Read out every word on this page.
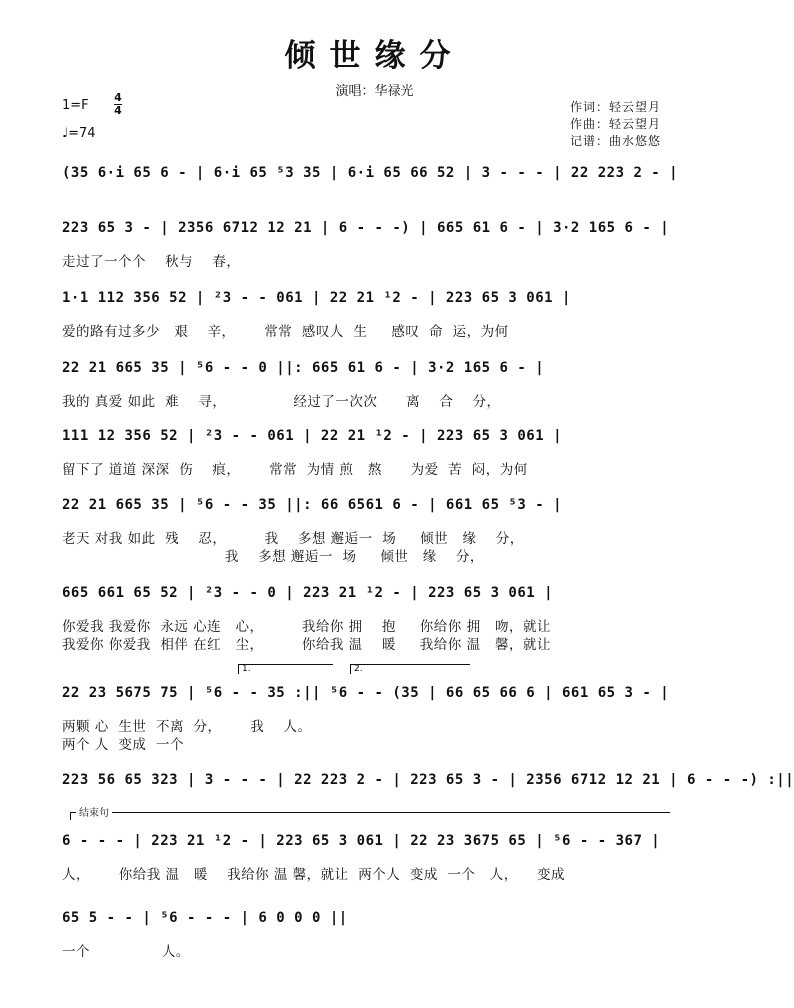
倾世缘分
演唱：华禄光
1=F
4
4
♩=74
作词：轻云望月
作曲：轻云望月
记谱：曲水悠悠
(35 6·i 65 6 - | 6·i 65 ⁵3 35 | 6·i 65 66 52 | 3 - - - | 22 223 2 - |
223 65 3 - | 2356 6712 12 21 | 6 - - -) | 665 61 6 - | 3·2 165 6 - |
走过了一个个    秋与    春，
1·1 112 356 52 | ²3 - - 061 | 22 21 ¹2 - | 223 65 3 061 |
爱的路有过多少   艰    辛，      常常  感叹人  生     感叹  命  运，为何
22 21 665 35 | ⁵6 - - 0 ||: 665 61 6 - | 3·2 165 6 - |
我的 真爱 如此  难    寻，              经过了一次次      离    合    分，
111 12 356 52 | ²3 - - 061 | 22 21 ¹2 - | 223 65 3 061 |
留下了 道道 深深  伤    痕，      常常  为情 煎   熬      为爱  苦  闷，为何
22 21 665 35 | ⁵6 - - 35 ||: 66 6561 6 - | 661 65 ⁵3 - |
老天 对我 如此  残    忍，        我    多想 邂逅一  场     倾世   缘    分，
我    多想 邂逅一  场     倾世   缘    分，
665 661 65 52 | ²3 - - 0 | 223 21 ¹2 - | 223 65 3 061 |
你爱我 我爱你  永远 心连   心，        我给你 拥    抱     你给你 拥   吻，就让
我爱你 你爱我  相伴 在红   尘，        你给我 温    暖     我给你 温   馨，就让
22 23 5675 75 | ⁵6 - - 35 :|| ⁵6 - - (35 | 66 65 66 6 | 661 65 3 - |
两颗 心  生世  不离  分，      我    人。
两个 人  变成  一个
223 56 65 323 | 3 - - - | 22 223 2 - | 223 65 3 - | 2356 6712 12 21 | 6 - - -) :||
6 - - - | 223 21 ¹2 - | 223 65 3 061 | 22 23 3675 65 | ⁵6 - - 367 |
人，      你给我 温   暖    我给你 温 馨，就让  两个人  变成  一个   人，    变成
65 5 - - | ⁵6 - - - | 6 0 0 0 ||
一个               人。
结束句
1.	2.
